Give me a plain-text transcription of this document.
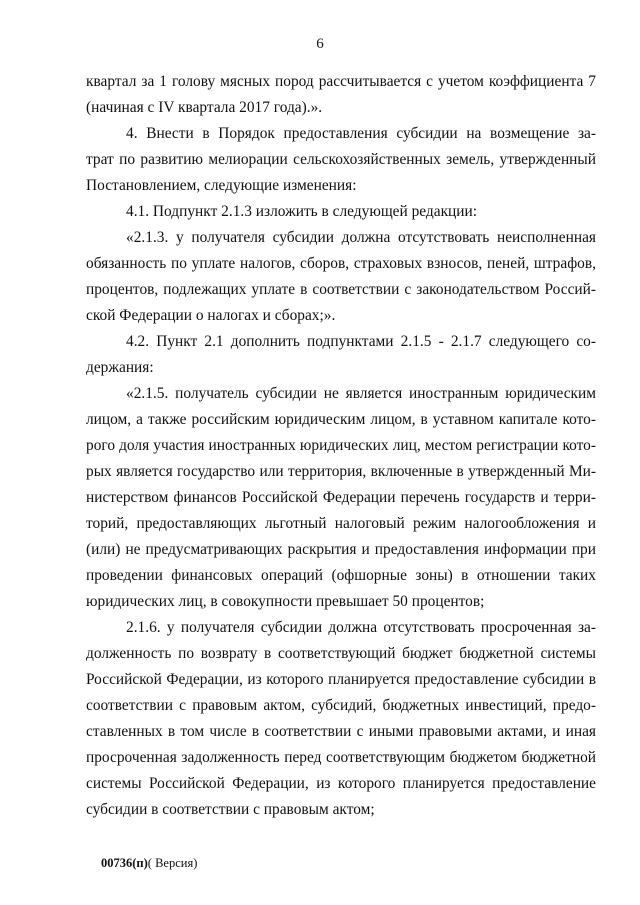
6
квартал за 1 голову мясных пород рассчитывается с учетом коэффициента 7
(начиная с IV квартала 2017 года).».
4. Внести в Порядок предоставления субсидии на возмещение за-
трат по развитию мелиорации сельскохозяйственных земель, утвержденный
Постановлением, следующие изменения:
4.1. Подпункт 2.1.3 изложить в следующей редакции:
«2.1.3. у получателя субсидии должна отсутствовать неисполненная
обязанность по уплате налогов, сборов, страховых взносов, пеней, штрафов,
процентов, подлежащих уплате в соответствии с законодательством Россий-
ской Федерации о налогах и сборах;».
4.2. Пункт 2.1 дополнить подпунктами 2.1.5 - 2.1.7 следующего со-
держания:
«2.1.5. получатель субсидии не является иностранным юридическим
лицом, а также российским юридическим лицом, в уставном капитале кото-
рого доля участия иностранных юридических лиц, местом регистрации кото-
рых является государство или территория, включенные в утвержденный Ми-
нистерством финансов Российской Федерации перечень государств и терри-
торий, предоставляющих льготный налоговый режим налогообложения и
(или) не предусматривающих раскрытия и предоставления информации при
проведении финансовых операций (офшорные зоны) в отношении таких
юридических лиц, в совокупности превышает 50 процентов;
2.1.6. у получателя субсидии должна отсутствовать просроченная за-
долженность по возврату в соответствующий бюджет бюджетной системы
Российской Федерации, из которого планируется предоставление субсидии в
соответствии с правовым актом, субсидий, бюджетных инвестиций, предо-
ставленных в том числе в соответствии с иными правовыми актами, и иная
просроченная задолженность перед соответствующим бюджетом бюджетной
системы Российской Федерации, из которого планируется предоставление
субсидии в соответствии с правовым актом;
00736(п)( Версия)
